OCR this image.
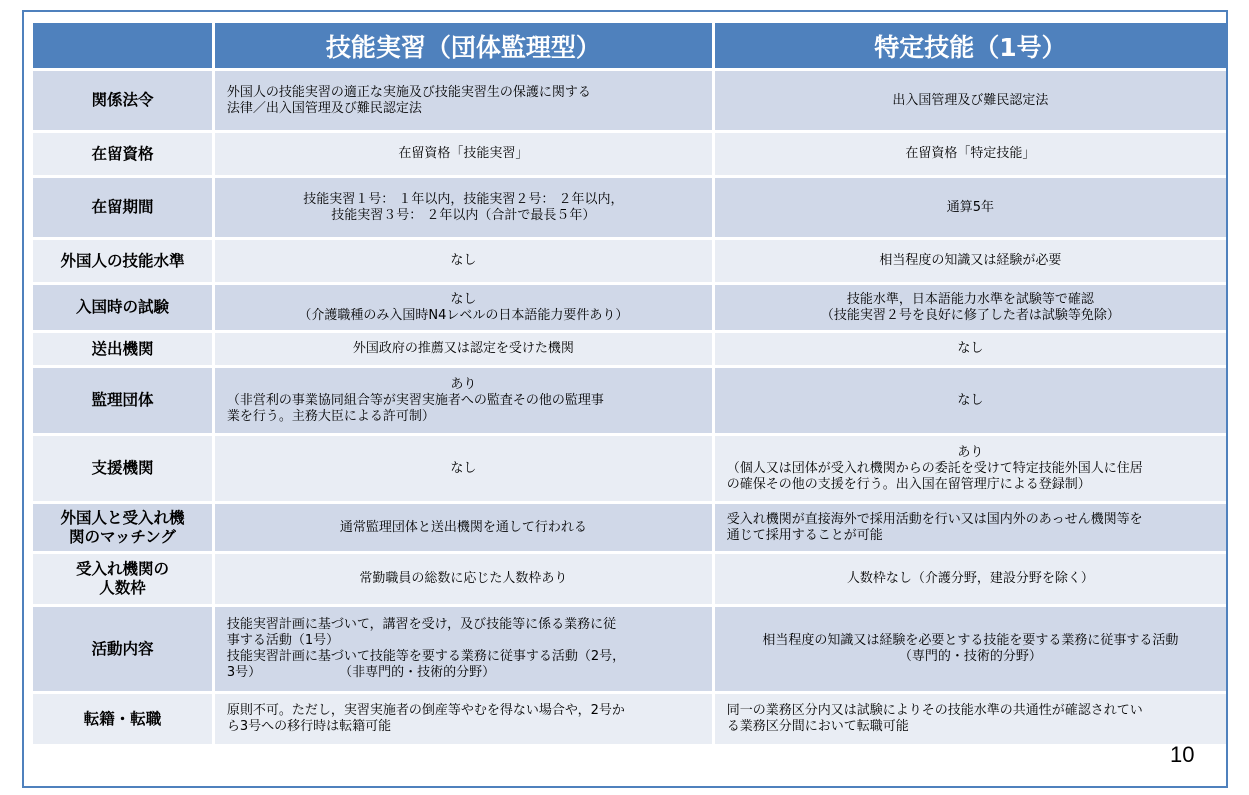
	技能実習（団体監理型）	特定技能（1号）
関係法令	外国人の技能実習の適正な実施及び技能実習生の保護に関する
法律／出入国管理及び難民認定法	出入国管理及び難民認定法

在留資格	在留資格「技能実習」	在留資格「特定技能」

在留期間	技能実習１号： １年以内，技能実習２号： ２年以内，
技能実習３号： ２年以内（合計で最長５年）	通算5年

外国人の技能水準	なし	相当程度の知識又は経験が必要

入国時の試験	なし
（介護職種のみ入国時N4レベルの日本語能力要件あり）	技能水準，日本語能力水準を試験等で確認
（技能実習２号を良好に修了した者は試験等免除）

送出機関	外国政府の推薦又は認定を受けた機関	なし

監理団体	あり
（非営利の事業協同組合等が実習実施者への監査その他の監理事
業を行う。主務大臣による許可制）	なし

支援機関	なし	あり
（個人又は団体が受入れ機関からの委託を受けて特定技能外国人に住居
の確保その他の支援を行う。出入国在留管理庁による登録制）

外国人と受入れ機
関のマッチング	通常監理団体と送出機関を通して行われる	受入れ機関が直接海外で採用活動を行い又は国内外のあっせん機関等を
通じて採用することが可能

受入れ機関の
人数枠	常勤職員の総数に応じた人数枠あり	人数枠なし（介護分野，建設分野を除く）

活動内容	技能実習計画に基づいて，講習を受け，及び技能等に係る業務に従
事する活動（1号）
技能実習計画に基づいて技能等を要する業務に従事する活動（2号，
3号）　　　　　　　（非専門的・技術的分野）	相当程度の知識又は経験を必要とする技能を要する業務に従事する活動
（専門的・技術的分野）

転籍・転職	原則不可。ただし，実習実施者の倒産等やむを得ない場合や，2号か
ら3号への移行時は転籍可能	同一の業務区分内又は試験によりその技能水準の共通性が確認されてい
る業務区分間において転職可能
10
